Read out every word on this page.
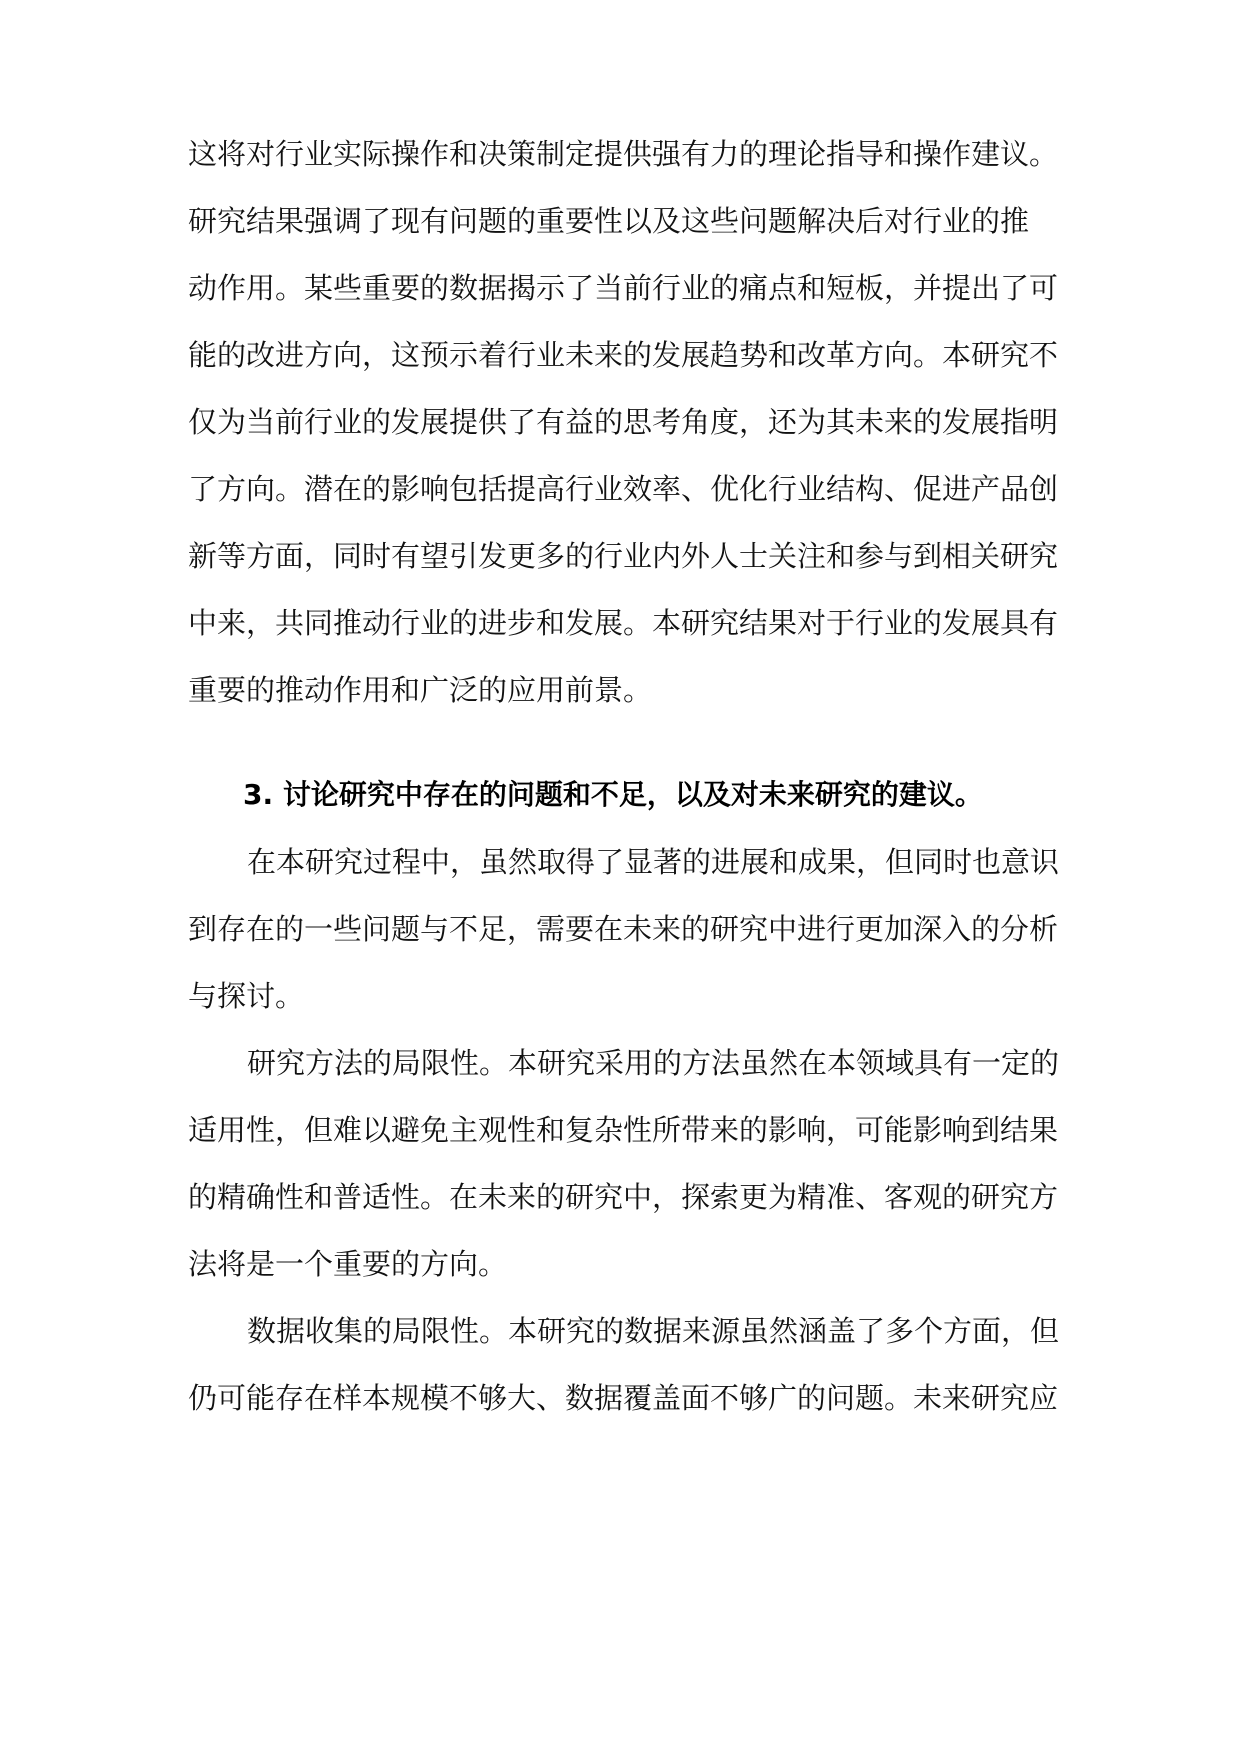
这将对行业实际操作和决策制定提供强有力的理论指导和操作建议。
研究结果强调了现有问题的重要性以及这些问题解决后对行业的推
动作用。某些重要的数据揭示了当前行业的痛点和短板，并提出了可
能的改进方向，这预示着行业未来的发展趋势和改革方向。本研究不
仅为当前行业的发展提供了有益的思考角度，还为其未来的发展指明
了方向。潜在的影响包括提高行业效率、优化行业结构、促进产品创
新等方面，同时有望引发更多的行业内外人士关注和参与到相关研究
中来，共同推动行业的进步和发展。本研究结果对于行业的发展具有
重要的推动作用和广泛的应用前景。
3. 讨论研究中存在的问题和不足，以及对未来研究的建议。
在本研究过程中，虽然取得了显著的进展和成果，但同时也意识
到存在的一些问题与不足，需要在未来的研究中进行更加深入的分析
与探讨。
研究方法的局限性。本研究采用的方法虽然在本领域具有一定的
适用性，但难以避免主观性和复杂性所带来的影响，可能影响到结果
的精确性和普适性。在未来的研究中，探索更为精准、客观的研究方
法将是一个重要的方向。
数据收集的局限性。本研究的数据来源虽然涵盖了多个方面，但
仍可能存在样本规模不够大、数据覆盖面不够广的问题。未来研究应
